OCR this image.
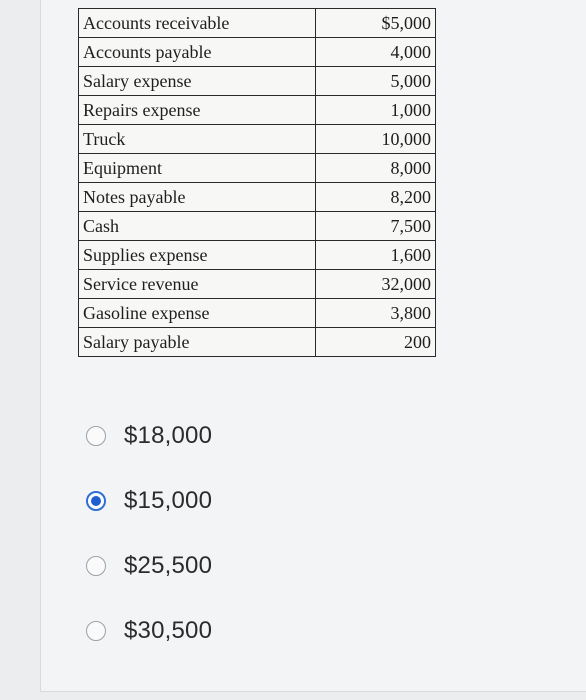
Accounts receivable	$5,000
Accounts payable	4,000
Salary expense	5,000
Repairs expense	1,000
Truck	10,000
Equipment	8,000
Notes payable	8,200
Cash	7,500
Supplies expense	1,600
Service revenue	32,000
Gasoline expense	3,800
Salary payable	200
$18,000
$15,000
$25,500
$30,500
